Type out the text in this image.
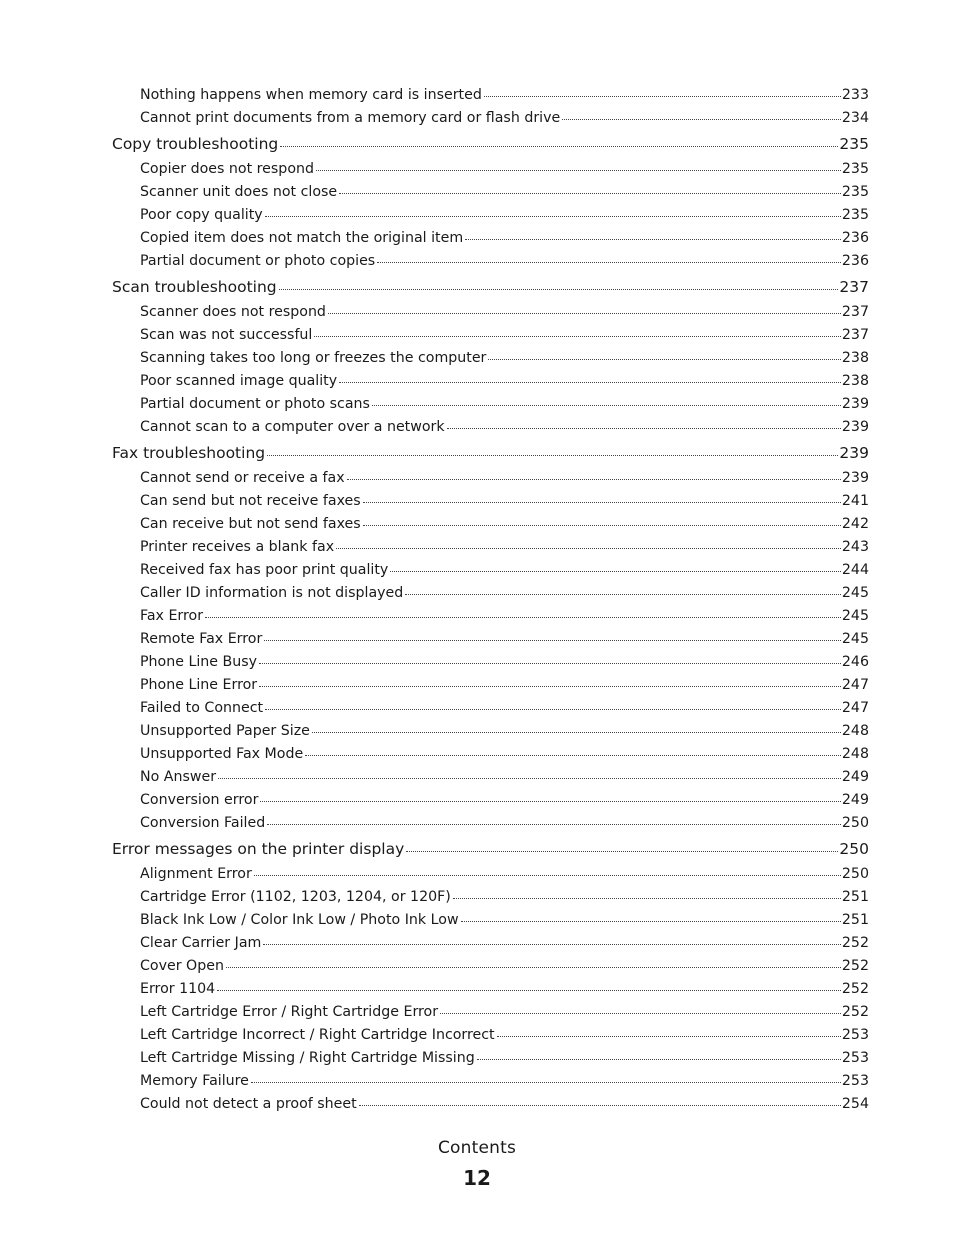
Nothing happens when memory card is inserted	233
Cannot print documents from a memory card or flash drive	234
Copy troubleshooting	235
Copier does not respond	235
Scanner unit does not close	235
Poor copy quality	235
Copied item does not match the original item	236
Partial document or photo copies	236
Scan troubleshooting	237
Scanner does not respond	237
Scan was not successful	237
Scanning takes too long or freezes the computer	238
Poor scanned image quality	238
Partial document or photo scans	239
Cannot scan to a computer over a network	239
Fax troubleshooting	239
Cannot send or receive a fax	239
Can send but not receive faxes	241
Can receive but not send faxes	242
Printer receives a blank fax	243
Received fax has poor print quality	244
Caller ID information is not displayed	245
Fax Error	245
Remote Fax Error	245
Phone Line Busy	246
Phone Line Error	247
Failed to Connect	247
Unsupported Paper Size	248
Unsupported Fax Mode	248
No Answer	249
Conversion error	249
Conversion Failed	250
Error messages on the printer display	250
Alignment Error	250
Cartridge Error (1102, 1203, 1204, or 120F)	251
Black Ink Low / Color Ink Low / Photo Ink Low	251
Clear Carrier Jam	252
Cover Open	252
Error 1104	252
Left Cartridge Error / Right Cartridge Error	252
Left Cartridge Incorrect / Right Cartridge Incorrect	253
Left Cartridge Missing / Right Cartridge Missing	253
Memory Failure	253
Could not detect a proof sheet	254
Contents
12
